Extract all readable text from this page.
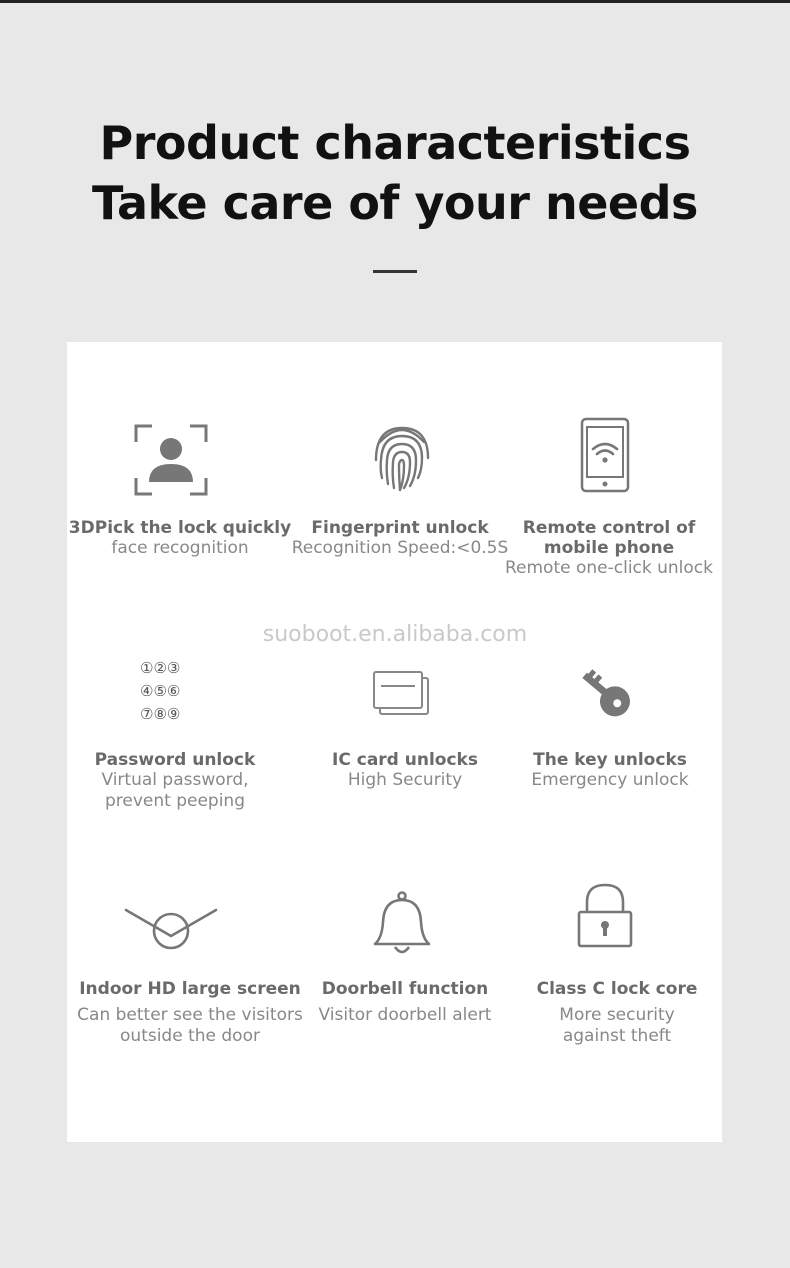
Product characteristics
Take care of your needs
①②③
④⑤⑥
⑦⑧⑨
3DPick the lock quickly
face recognition
Fingerprint unlock
Recognition Speed:<0.5S
Remote control of
mobile phone
Remote one-click unlock
suoboot.en.alibaba.com
Password unlock
Virtual password,
prevent peeping
IC card unlocks
High Security
The key unlocks
Emergency unlock
Indoor HD large screen
Can better see the visitors
outside the door
Doorbell function
Visitor doorbell alert
Class C lock core
More security
against theft
